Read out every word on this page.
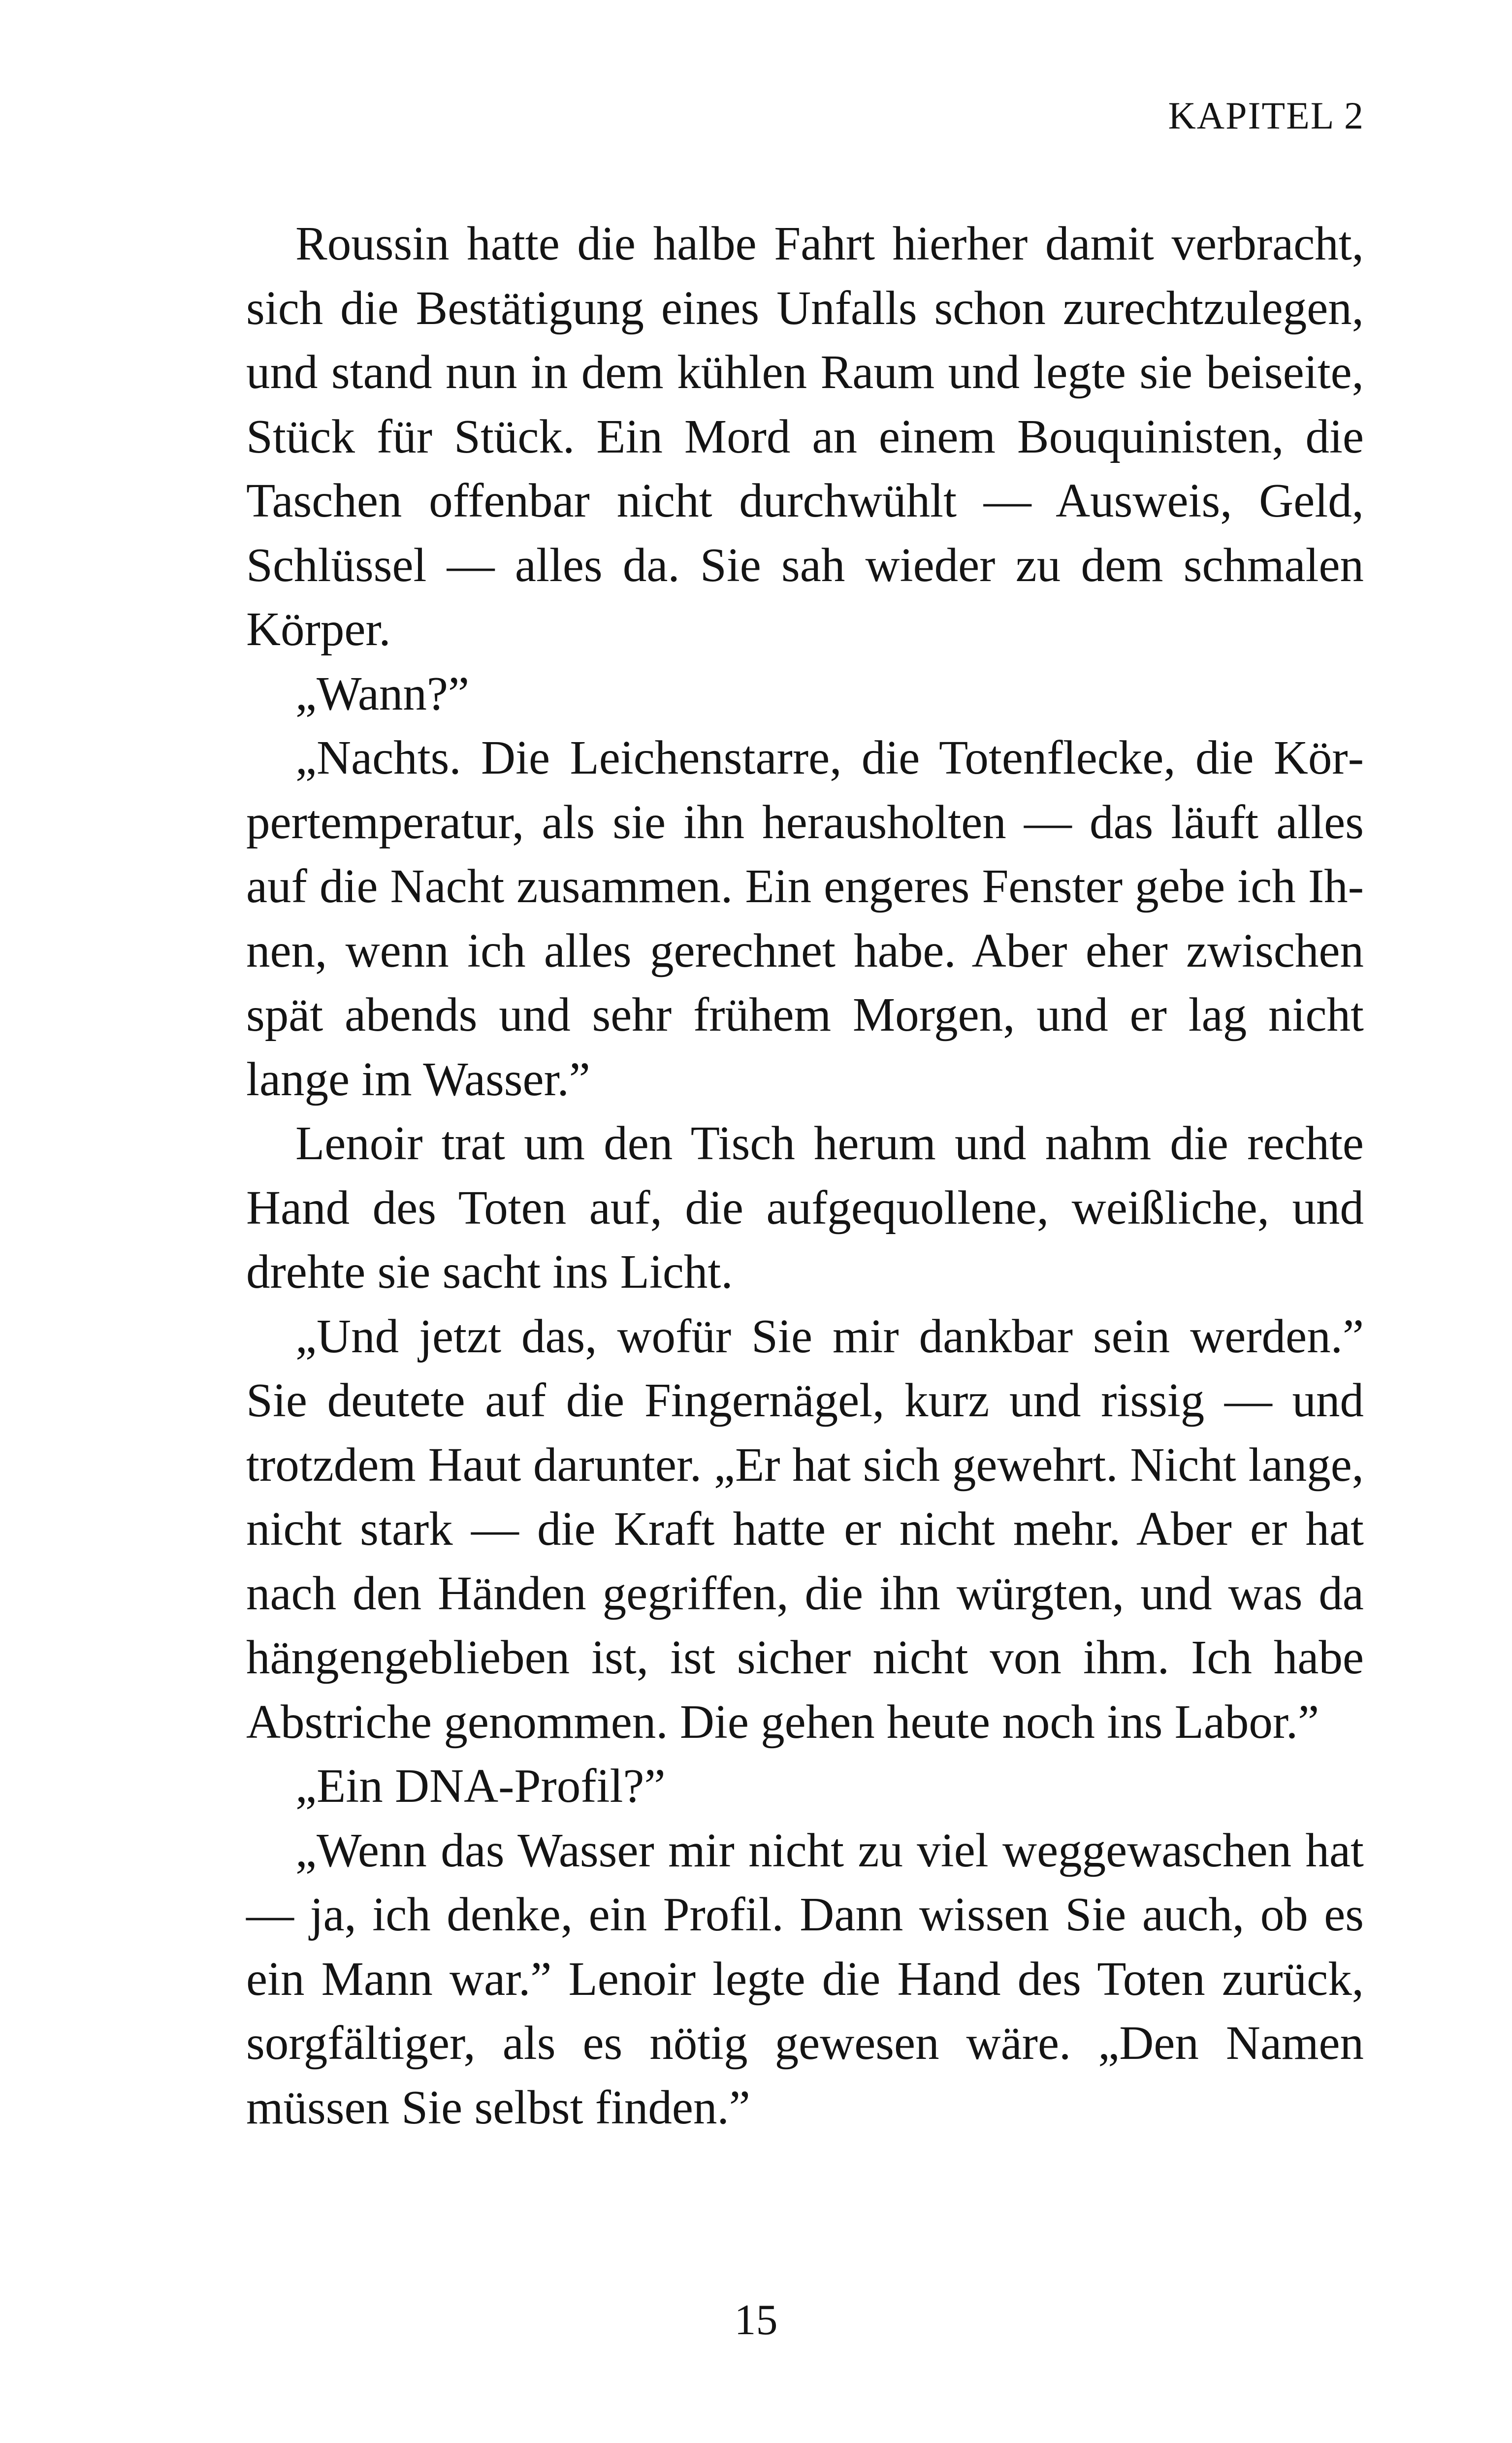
KAPITEL 2

Roussin hatte die halbe Fahrt hierher damit verbracht, sich die Bestätigung eines Unfalls schon zurechtzulegen, und stand nun in dem kühlen Raum und legte sie beiseite, Stück für Stück. Ein Mord an einem Bouquinisten, die Taschen offenbar nicht durchwühlt — Ausweis, Geld, Schlüssel — alles da. Sie sah wieder zu dem schmalen Körper.

„Wann?”

„Nachts. Die Leichenstarre, die Totenflecke, die Körpertemperatur, als sie ihn herausholten — das läuft alles auf die Nacht zusammen. Ein engeres Fenster gebe ich Ihnen, wenn ich alles gerechnet habe. Aber eher zwischen spät abends und sehr frühem Morgen, und er lag nicht lange im Wasser.”

Lenoir trat um den Tisch herum und nahm die rechte Hand des Toten auf, die aufgequollene, weißliche, und drehte sie sacht ins Licht.

„Und jetzt das, wofür Sie mir dankbar sein werden.” Sie deutete auf die Fingernägel, kurz und rissig — und trotzdem Haut darunter. „Er hat sich gewehrt. Nicht lange, nicht stark — die Kraft hatte er nicht mehr. Aber er hat nach den Händen gegriffen, die ihn würgten, und was da hängengeblieben ist, ist sicher nicht von ihm. Ich habe Abstriche genommen. Die gehen heute noch ins Labor.”

„Ein DNA-Profil?”

„Wenn das Wasser mir nicht zu viel weggewaschen hat — ja, ich denke, ein Profil. Dann wissen Sie auch, ob es ein Mann war.” Lenoir legte die Hand des Toten zurück, sorgfältiger, als es nötig gewesen wäre. „Den Namen müssen Sie selbst finden.”

15
